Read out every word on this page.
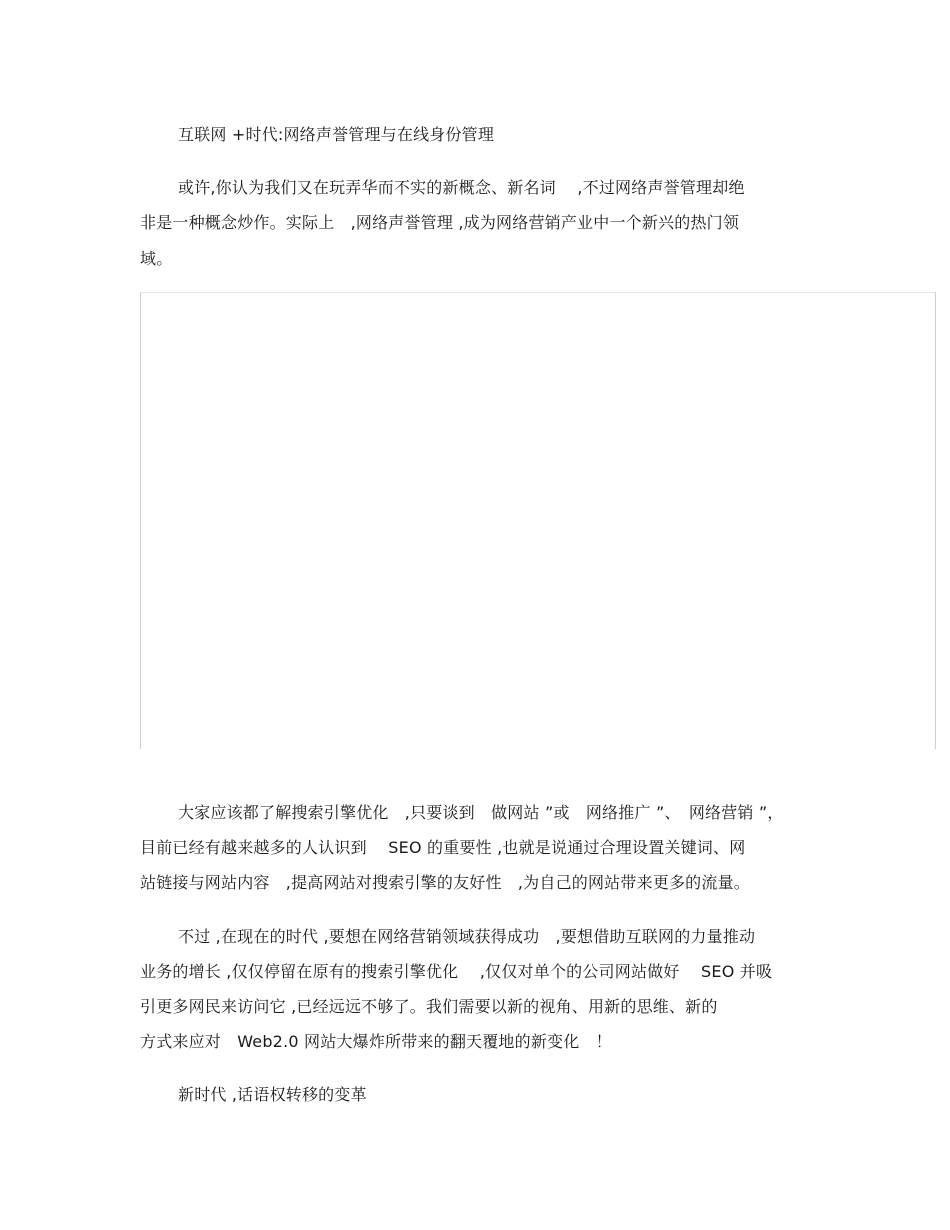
互联网 +时代:网络声誉管理与在线身份管理
或许,你认为我们又在玩弄华而不实的新概念、新名词　 ,不过网络声誉管理却绝
非是一种概念炒作。实际上　,网络声誉管理 ,成为网络营销产业中一个新兴的热门领
域。
大家应该都了解搜索引擎优化　,只要谈到　做网站 ”或　网络推广 ”、　网络营销 ”，
目前已经有越来越多的人认识到　 SEO 的重要性 ,也就是说通过合理设置关键词、网
站链接与网站内容　,提高网站对搜索引擎的友好性　,为自己的网站带来更多的流量。
不过 ,在现在的时代 ,要想在网络营销领域获得成功　,要想借助互联网的力量推动
业务的增长 ,仅仅停留在原有的搜索引擎优化　 ,仅仅对单个的公司网站做好　 SEO 并吸
引更多网民来访问它 ,已经远远不够了。我们需要以新的视角、用新的思维、新的
方式来应对　Web2.0 网站大爆炸所带来的翻天覆地的新变化　！
新时代 ,话语权转移的变革
